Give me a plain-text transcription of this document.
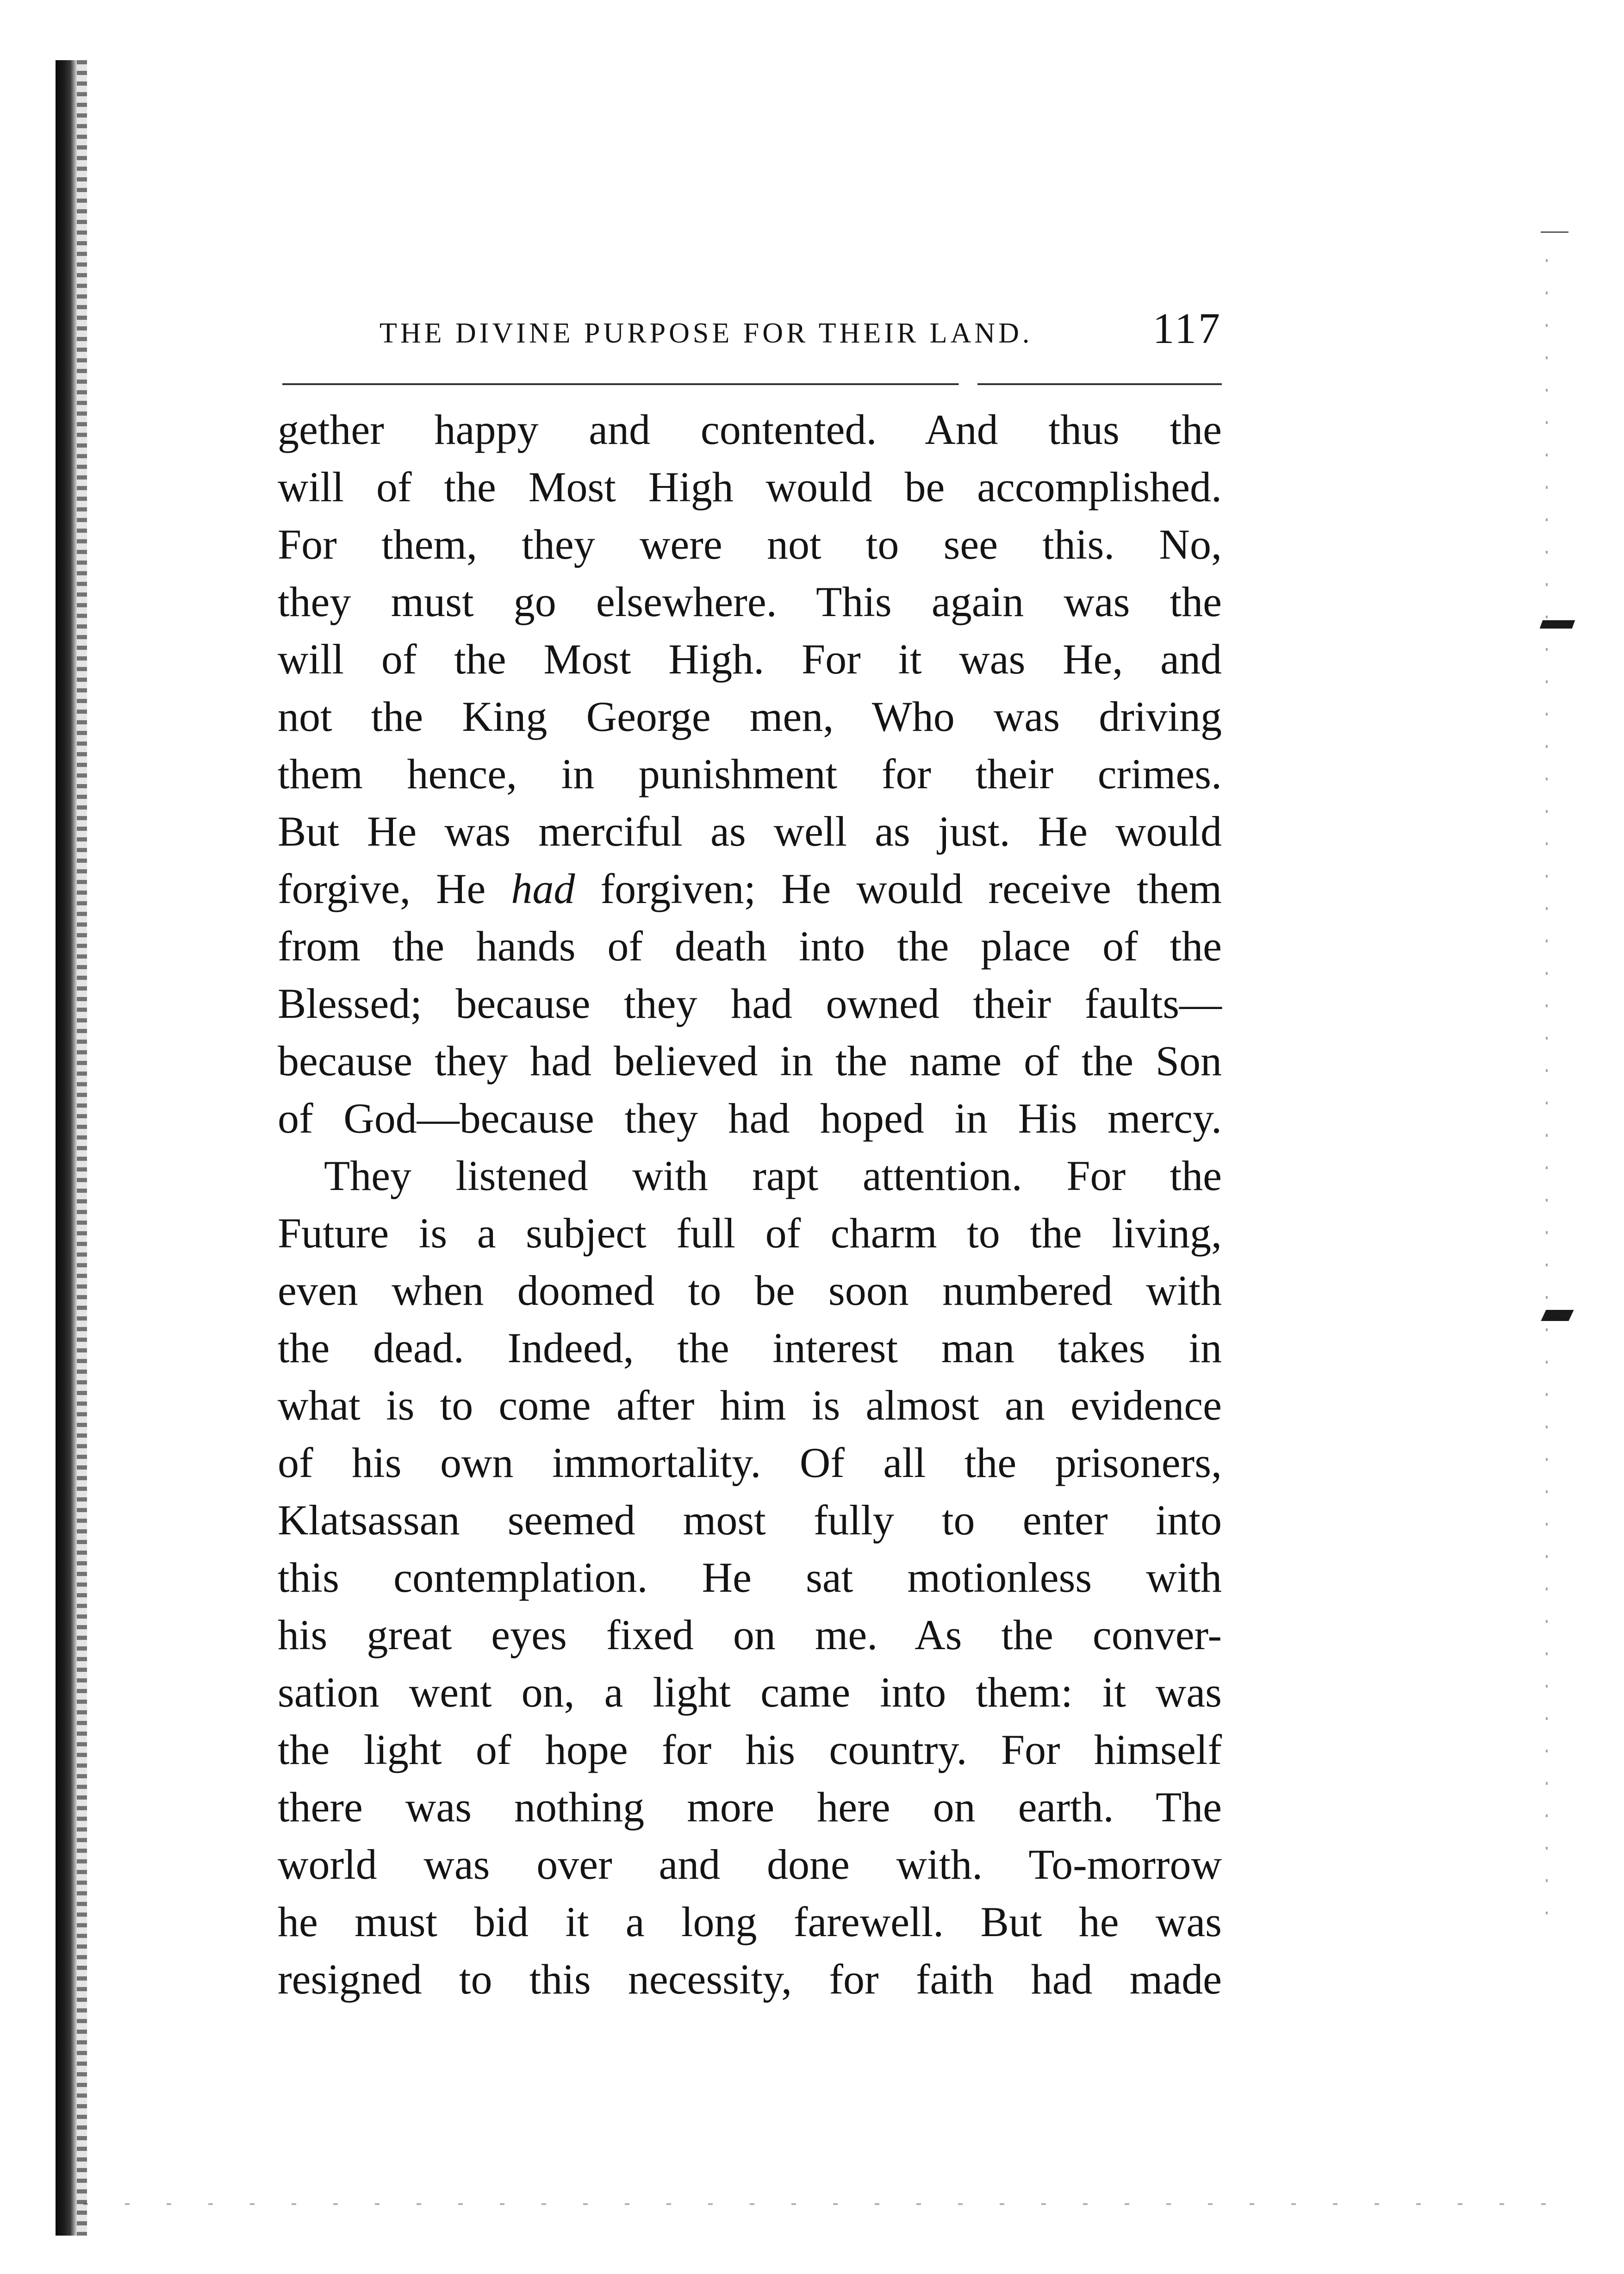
THE DIVINE PURPOSE FOR THEIR LAND.	117
gether happy and contented. And thus the
will of the Most High would be accomplished.
For them, they were not to see this. No,
they must go elsewhere. This again was the
will of the Most High. For it was He, and
not the King George men, Who was driving
them hence, in punishment for their crimes.
But He was merciful as well as just. He would
forgive, He had forgiven; He would receive them
from the hands of death into the place of the
Blessed; because they had owned their faults—
because they had believed in the name of the Son
of God—because they had hoped in His mercy.
They listened with rapt attention. For the
Future is a subject full of charm to the living,
even when doomed to be soon numbered with
the dead. Indeed, the interest man takes in
what is to come after him is almost an evidence
of his own immortality. Of all the prisoners,
Klatsassan seemed most fully to enter into
this contemplation. He sat motionless with
his great eyes fixed on me. As the conver-
sation went on, a light came into them: it was
the light of hope for his country. For himself
there was nothing more here on earth. The
world was over and done with. To-morrow
he must bid it a long farewell. But he was
resigned to this necessity, for faith had made
